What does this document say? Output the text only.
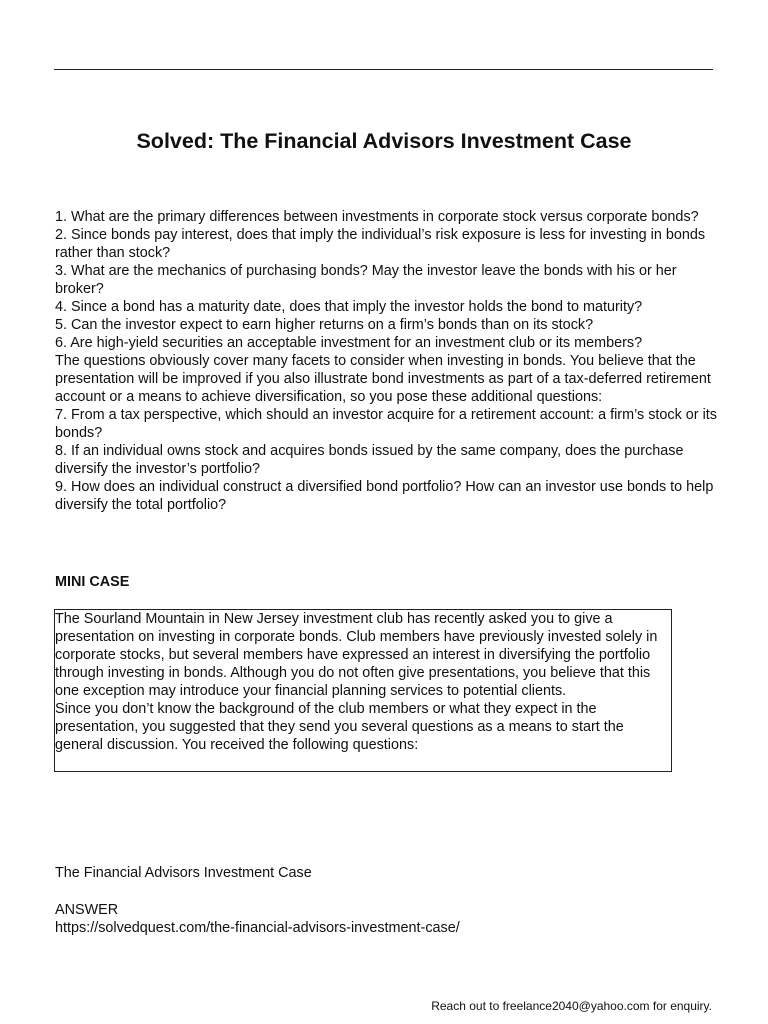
Solved: The Financial Advisors Investment Case
1. What are the primary differences between investments in corporate stock versus corporate bonds?
2. Since bonds pay interest, does that imply the individual’s risk exposure is less for investing in bonds rather than stock?
3. What are the mechanics of purchasing bonds? May the investor leave the bonds with his or her broker?
4. Since a bond has a maturity date, does that imply the investor holds the bond to maturity?
5. Can the investor expect to earn higher returns on a firm’s bonds than on its stock?
6. Are high-yield securities an acceptable investment for an investment club or its members?
The questions obviously cover many facets to consider when investing in bonds. You believe that the presentation will be improved if you also illustrate bond investments as part of a tax-deferred retirement account or a means to achieve diversification, so you pose these additional questions:
7. From a tax perspective, which should an investor acquire for a retirement account: a firm’s stock or its bonds?
8. If an individual owns stock and acquires bonds issued by the same company, does the purchase diversify the investor’s portfolio?
9. How does an individual construct a diversified bond portfolio? How can an investor use bonds to help diversify the total portfolio?
MINI CASE

The Sourland Mountain in New Jersey investment club has recently asked you to give a presentation on investing in corporate bonds. Club members have previously invested solely in corporate stocks, but several members have expressed an interest in diversifying the portfolio through investing in bonds. Although you do not often give presentations, you believe that this one exception may introduce your financial planning services to potential clients.
Since you don’t know the background of the club members or what they expect in the presentation, you suggested that they send you several questions as a means to start the general discussion. You received the following questions:

The Financial Advisors Investment Case
ANSWER
https://solvedquest.com/the-financial-advisors-investment-case/
Reach out to freelance2040@yahoo.com for enquiry.
